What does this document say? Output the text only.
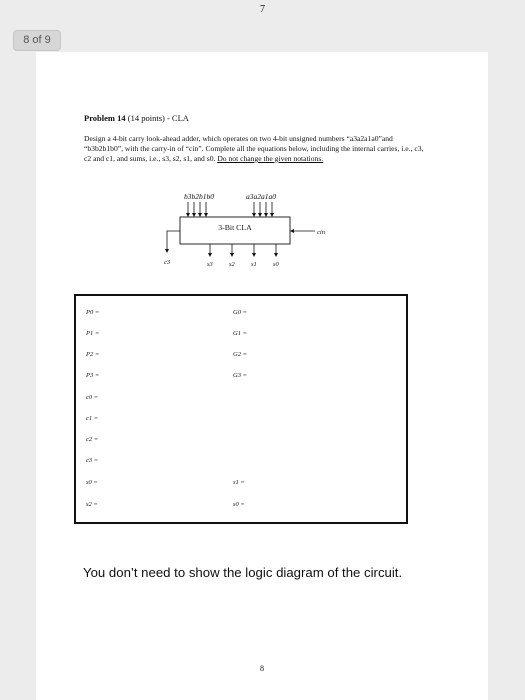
7
8 of 9
Problem 14 (14 points) - CLA
Design a 4-bit carry look-ahead adder, which operates on two 4-bit unsigned numbers “a3a2a1a0”and “b3b2b1b0”, with the carry-in of “cin”. Complete all the equations below, including the internal carries, i.e., c3, c2 and c1, and sums, i.e., s3, s2, s1, and s0. Do not change the given notations.
b3b2b1b0	a3a2a1a0
3-Bit CLA
cin
c3	s3 s2 s1 s0
P0 =
P1 =
P2 =
P3 =
c0 =
c1 =
c2 =
c3 =
s0 =
s2 =
G0 =
G1 =
G2 =
G3 =
s1 =
s0 =
You don’t need to show the logic diagram of the circuit.
8
